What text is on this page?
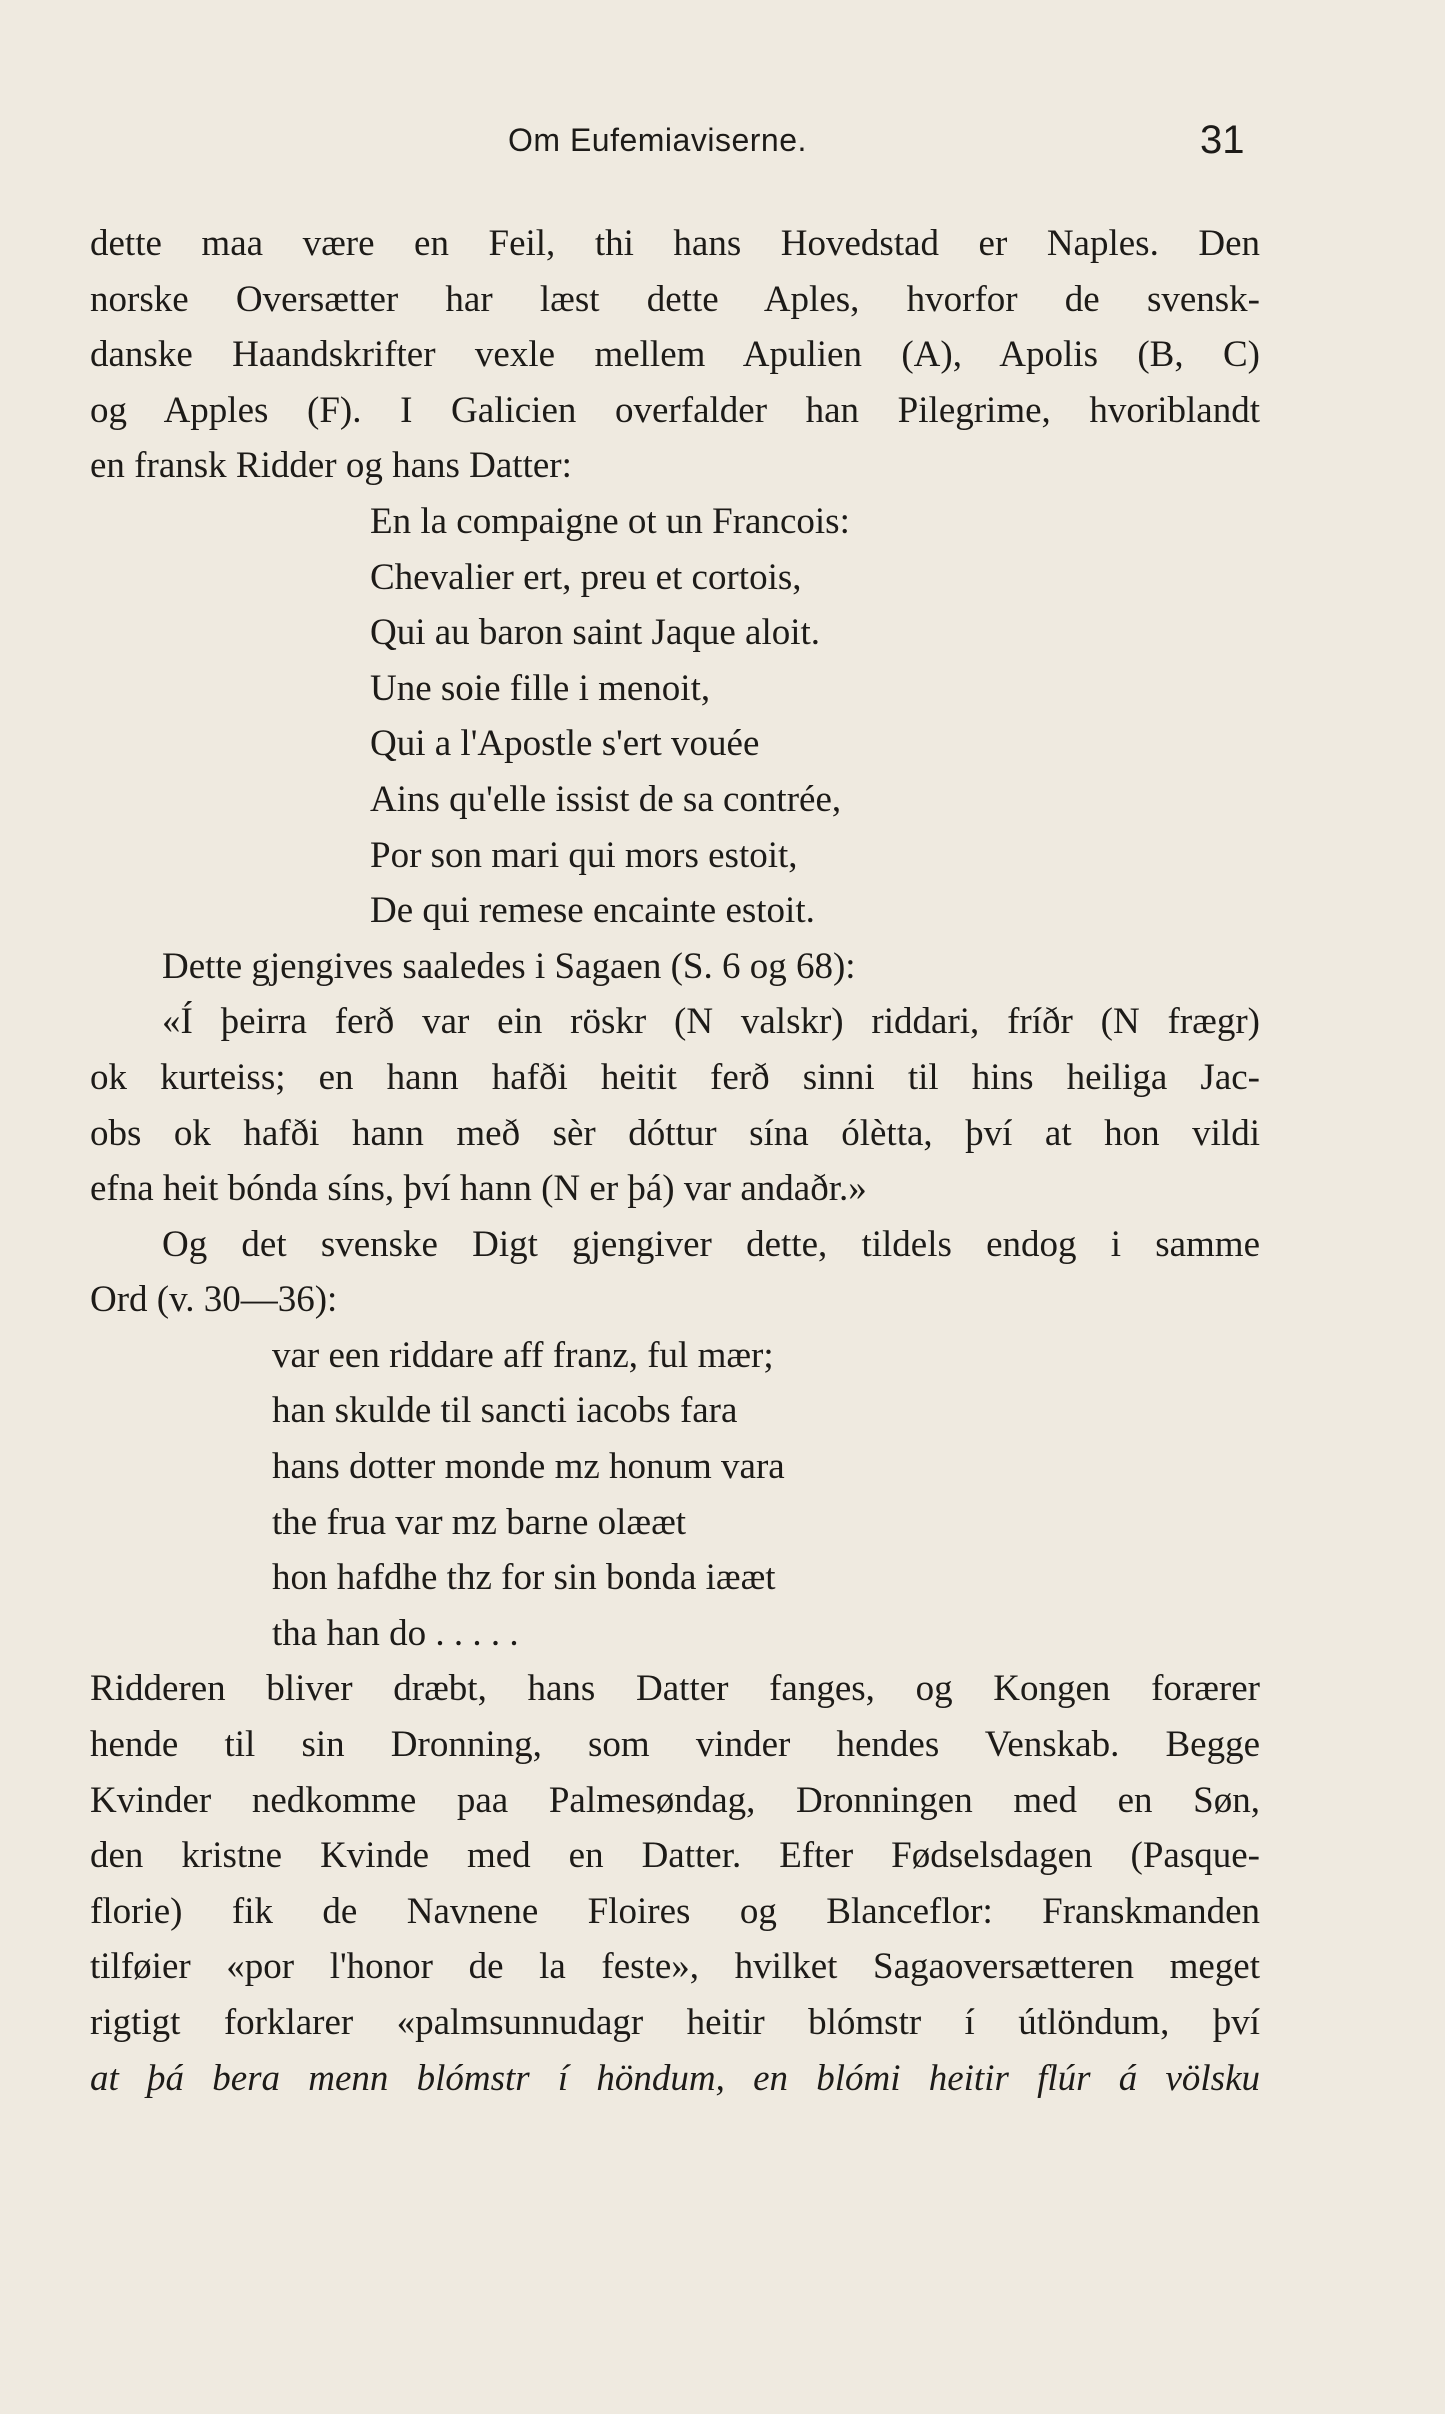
Om Eufemiaviserne.	31
dette maa være en Feil, thi hans Hovedstad er Naples. Den
norske Oversætter har læst dette Aples, hvorfor de svensk-
danske Haandskrifter vexle mellem Apulien (A), Apolis (B, C)
og Apples (F). I Galicien overfalder han Pilegrime, hvoriblandt
en fransk Ridder og hans Datter:
En la compaigne ot un Francois:
Chevalier ert, preu et cortois,
Qui au baron saint Jaque aloit.
Une soie fille i menoit,
Qui a l'Apostle s'ert vouée
Ains qu'elle issist de sa contrée,
Por son mari qui mors estoit,
De qui remese encainte estoit.
Dette gjengives saaledes i Sagaen (S. 6 og 68):
«Í þeirra ferð var ein röskr (N valskr) riddari, fríðr (N frægr)
ok kurteiss; en hann hafði heitit ferð sinni til hins heiliga Jac-
obs ok hafði hann með sèr dóttur sína ólètta, því at hon vildi
efna heit bónda síns, því hann (N er þá) var andaðr.»
Og det svenske Digt gjengiver dette, tildels endog i samme
Ord (v. 30—36):
var een riddare aff franz, ful mær;
han skulde til sancti iacobs fara
hans dotter monde mz honum vara
the frua var mz barne olææt
hon hafdhe thz for sin bonda iææt
tha han do . . . . .
Ridderen bliver dræbt, hans Datter fanges, og Kongen forærer
hende til sin Dronning, som vinder hendes Venskab. Begge
Kvinder nedkomme paa Palmesøndag, Dronningen med en Søn,
den kristne Kvinde med en Datter. Efter Fødselsdagen (Pasque-
florie) fik de Navnene Floires og Blanceflor: Franskmanden
tilføier «por l'honor de la feste», hvilket Sagaoversætteren meget
rigtigt forklarer «palmsunnudagr heitir blómstr í útlöndum, því
at þá bera menn blómstr í höndum, en blómi heitir flúr á völsku
